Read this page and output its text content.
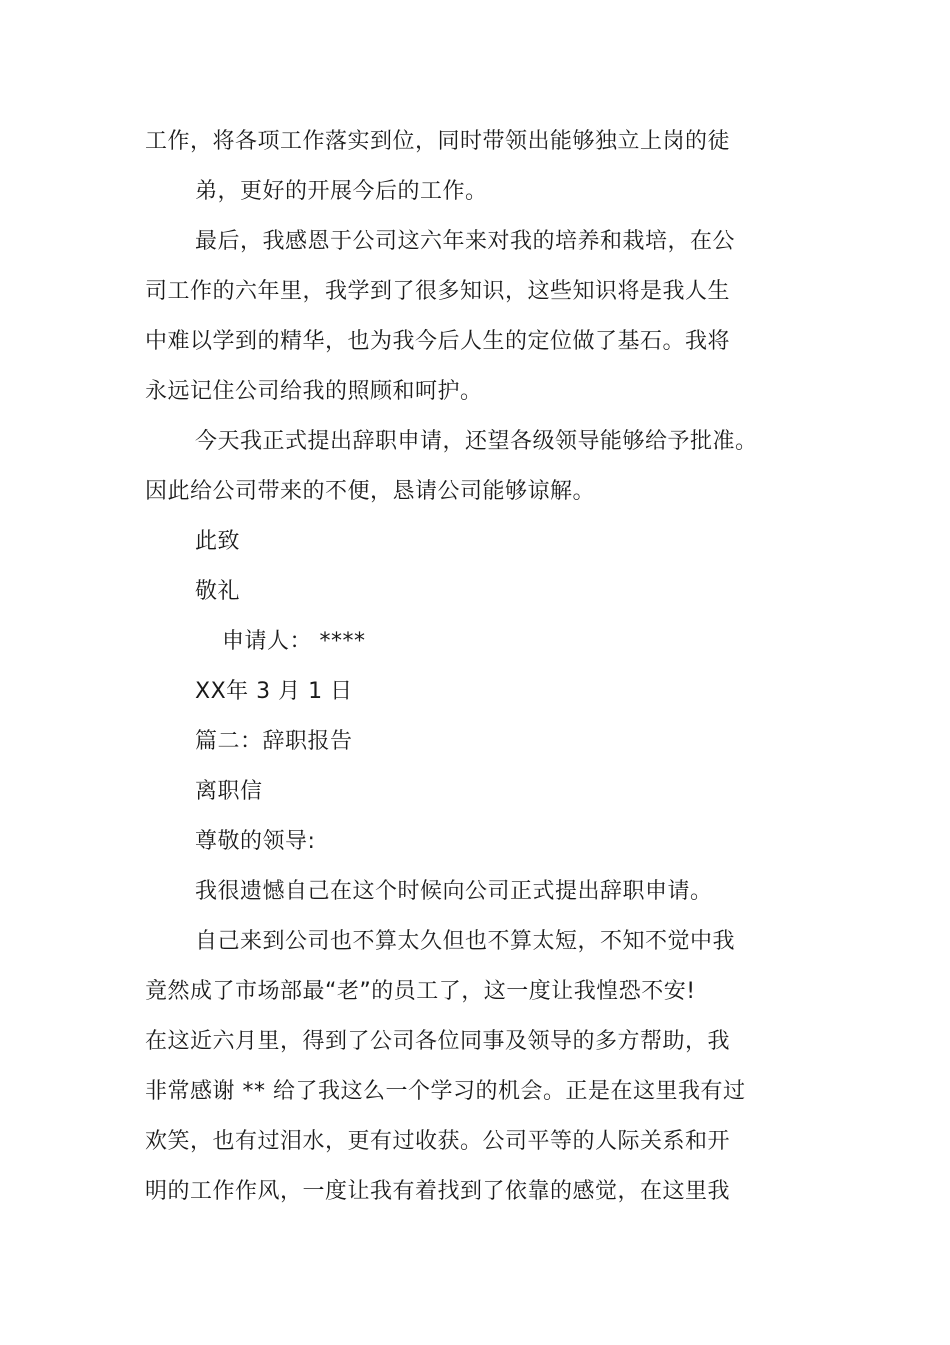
工作，将各项工作落实到位，同时带领出能够独立上岗的徒
弟，更好的开展今后的工作。
最后，我感恩于公司这六年来对我的培养和栽培，在公
司工作的六年里，我学到了很多知识，这些知识将是我人生
中难以学到的精华，也为我今后人生的定位做了基石。我将
永远记住公司给我的照顾和呵护。
今天我正式提出辞职申请，还望各级领导能够给予批准。
因此给公司带来的不便，恳请公司能够谅解。
此致
敬礼
申请人： ****
XX年 3 月 1 日
篇二：辞职报告
离职信
尊敬的领导:
我很遗憾自己在这个时候向公司正式提出辞职申请。
自己来到公司也不算太久但也不算太短，不知不觉中我
竟然成了市场部最“老”的员工了，这一度让我惶恐不安!
在这近六月里，得到了公司各位同事及领导的多方帮助，我
非常感谢 ** 给了我这么一个学习的机会。正是在这里我有过
欢笑，也有过泪水，更有过收获。公司平等的人际关系和开
明的工作作风，一度让我有着找到了依靠的感觉，在这里我
